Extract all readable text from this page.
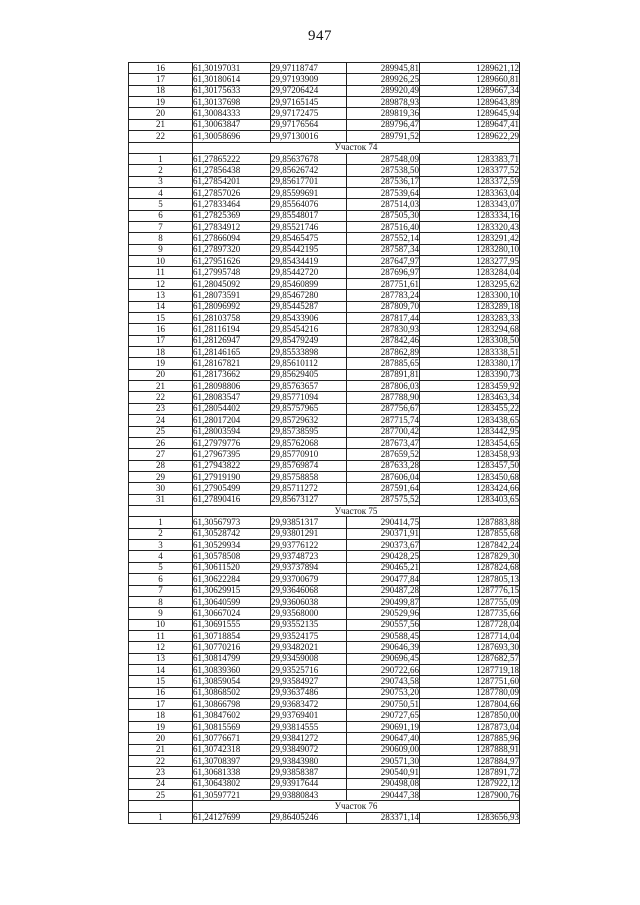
947
16	61,30197031	29,97118747	289945,81	1289621,12
17	61,30180614	29,97193909	289926,25	1289660,81
18	61,30175633	29,97206424	289920,49	1289667,34
19	61,30137698	29,97165145	289878,93	1289643,89
20	61,30084333	29,97172475	289819,36	1289645,94
21	61,30063847	29,97176564	289796,47	1289647,41
22	61,30058696	29,97130016	289791,52	1289622,29
	Участок 74			
1	61,27865222	29,85637678	287548,09	1283383,71
2	61,27856438	29,85626742	287538,50	1283377,52
3	61,27854201	29,85617701	287536,17	1283372,59
4	61,27857026	29,85599691	287539,64	1283363,04
5	61,27833464	29,85564076	287514,03	1283343,07
6	61,27825369	29,85548017	287505,30	1283334,16
7	61,27834912	29,85521746	287516,40	1283320,43
8	61,27866094	29,85465475	287552,14	1283291,42
9	61,27897320	29,85442195	287587,34	1283280,10
10	61,27951626	29,85434419	287647,97	1283277,95
11	61,27995748	29,85442720	287696,97	1283284,04
12	61,28045092	29,85460899	287751,61	1283295,62
13	61,28073591	29,85467280	287783,24	1283300,10
14	61,28096992	29,85445287	287809,70	1283289,18
15	61,28103758	29,85433906	287817,44	1283283,33
16	61,28116194	29,85454216	287830,93	1283294,68
17	61,28126947	29,85479249	287842,46	1283308,50
18	61,28146165	29,85533898	287862,89	1283338,51
19	61,28167821	29,85610112	287885,65	1283380,17
20	61,28173662	29,85629405	287891,81	1283390,73
21	61,28098806	29,85763657	287806,03	1283459,92
22	61,28083547	29,85771094	287788,90	1283463,34
23	61,28054402	29,85757965	287756,67	1283455,22
24	61,28017204	29,85729632	287715,74	1283438,65
25	61,28003594	29,85738595	287700,42	1283442,95
26	61,27979776	29,85762068	287673,47	1283454,65
27	61,27967395	29,85770910	287659,52	1283458,93
28	61,27943822	29,85769874	287633,28	1283457,50
29	61,27919190	29,85758858	287606,04	1283450,68
30	61,27905499	29,85711272	287591,64	1283424,66
31	61,27890416	29,85673127	287575,52	1283403,65
	Участок 75			
1	61,30567973	29,93851317	290414,75	1287883,88
2	61,30528742	29,93801291	290371,91	1287855,68
3	61,30529934	29,93776122	290373,67	1287842,24
4	61,30578508	29,93748723	290428,25	1287829,30
5	61,30611520	29,93737894	290465,21	1287824,68
6	61,30622284	29,93700679	290477,84	1287805,13
7	61,30629915	29,93646068	290487,28	1287776,15
8	61,30640599	29,93606038	290499,87	1287755,09
9	61,30667024	29,93568000	290529,96	1287735,66
10	61,30691555	29,93552135	290557,56	1287728,04
11	61,30718854	29,93524175	290588,45	1287714,04
12	61,30770216	29,93482021	290646,39	1287693,30
13	61,30814799	29,93459008	290696,45	1287682,57
14	61,30839360	29,93525716	290722,66	1287719,18
15	61,30859054	29,93584927	290743,58	1287751,60
16	61,30868502	29,93637486	290753,20	1287780,09
17	61,30866798	29,93683472	290750,51	1287804,66
18	61,30847602	29,93769401	290727,65	1287850,00
19	61,30815569	29,93814555	290691,19	1287873,04
20	61,30776671	29,93841272	290647,40	1287885,96
21	61,30742318	29,93849072	290609,00	1287888,91
22	61,30708397	29,93843980	290571,30	1287884,97
23	61,30681338	29,93858387	290540,91	1287891,72
24	61,30643802	29,93917644	290498,08	1287922,12
25	61,30597721	29,93880843	290447,38	1287900,76
	Участок 76			
1	61,24127699	29,86405246	283371,14	1283656,93
